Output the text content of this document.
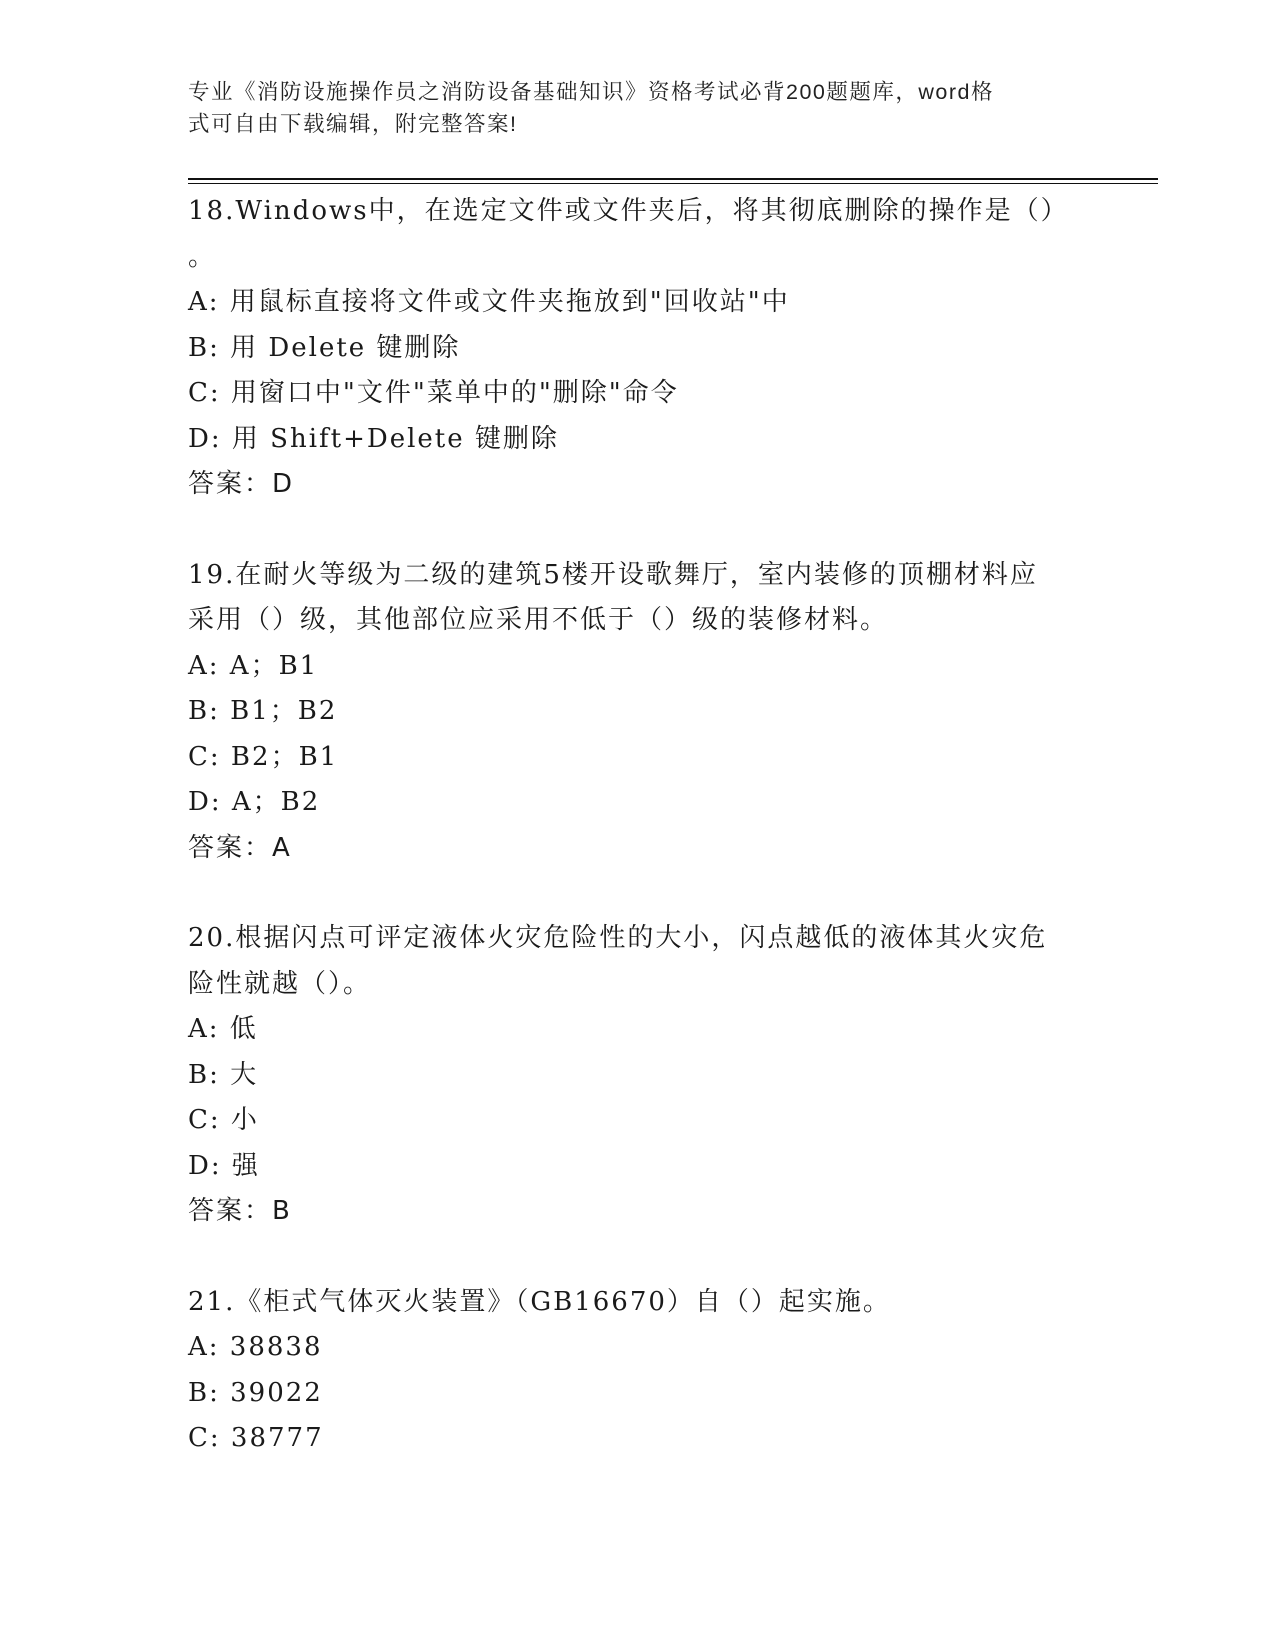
专业《消防设施操作员之消防设备基础知识》资格考试必背200题题库，word格
式可自由下载编辑，附完整答案!
18.Windows中，在选定文件或文件夹后，将其彻底删除的操作是（）
。
A: 用鼠标直接将文件或文件夹拖放到"回收站"中
B: 用 Delete 键删除
C: 用窗口中"文件"菜单中的"删除"命令
D: 用 Shift+Delete 键删除
答案：D
19.在耐火等级为二级的建筑5楼开设歌舞厅，室内装修的顶棚材料应
采用（）级，其他部位应采用不低于（）级的装修材料。
A: A；B1
B: B1；B2
C: B2；B1
D: A；B2
答案：A
20.根据闪点可评定液体火灾危险性的大小，闪点越低的液体其火灾危
险性就越（）。
A: 低
B: 大
C: 小
D: 强
答案：B
21.《柜式气体灭火装置》（GB16670）自（）起实施。
A: 38838
B: 39022
C: 38777
